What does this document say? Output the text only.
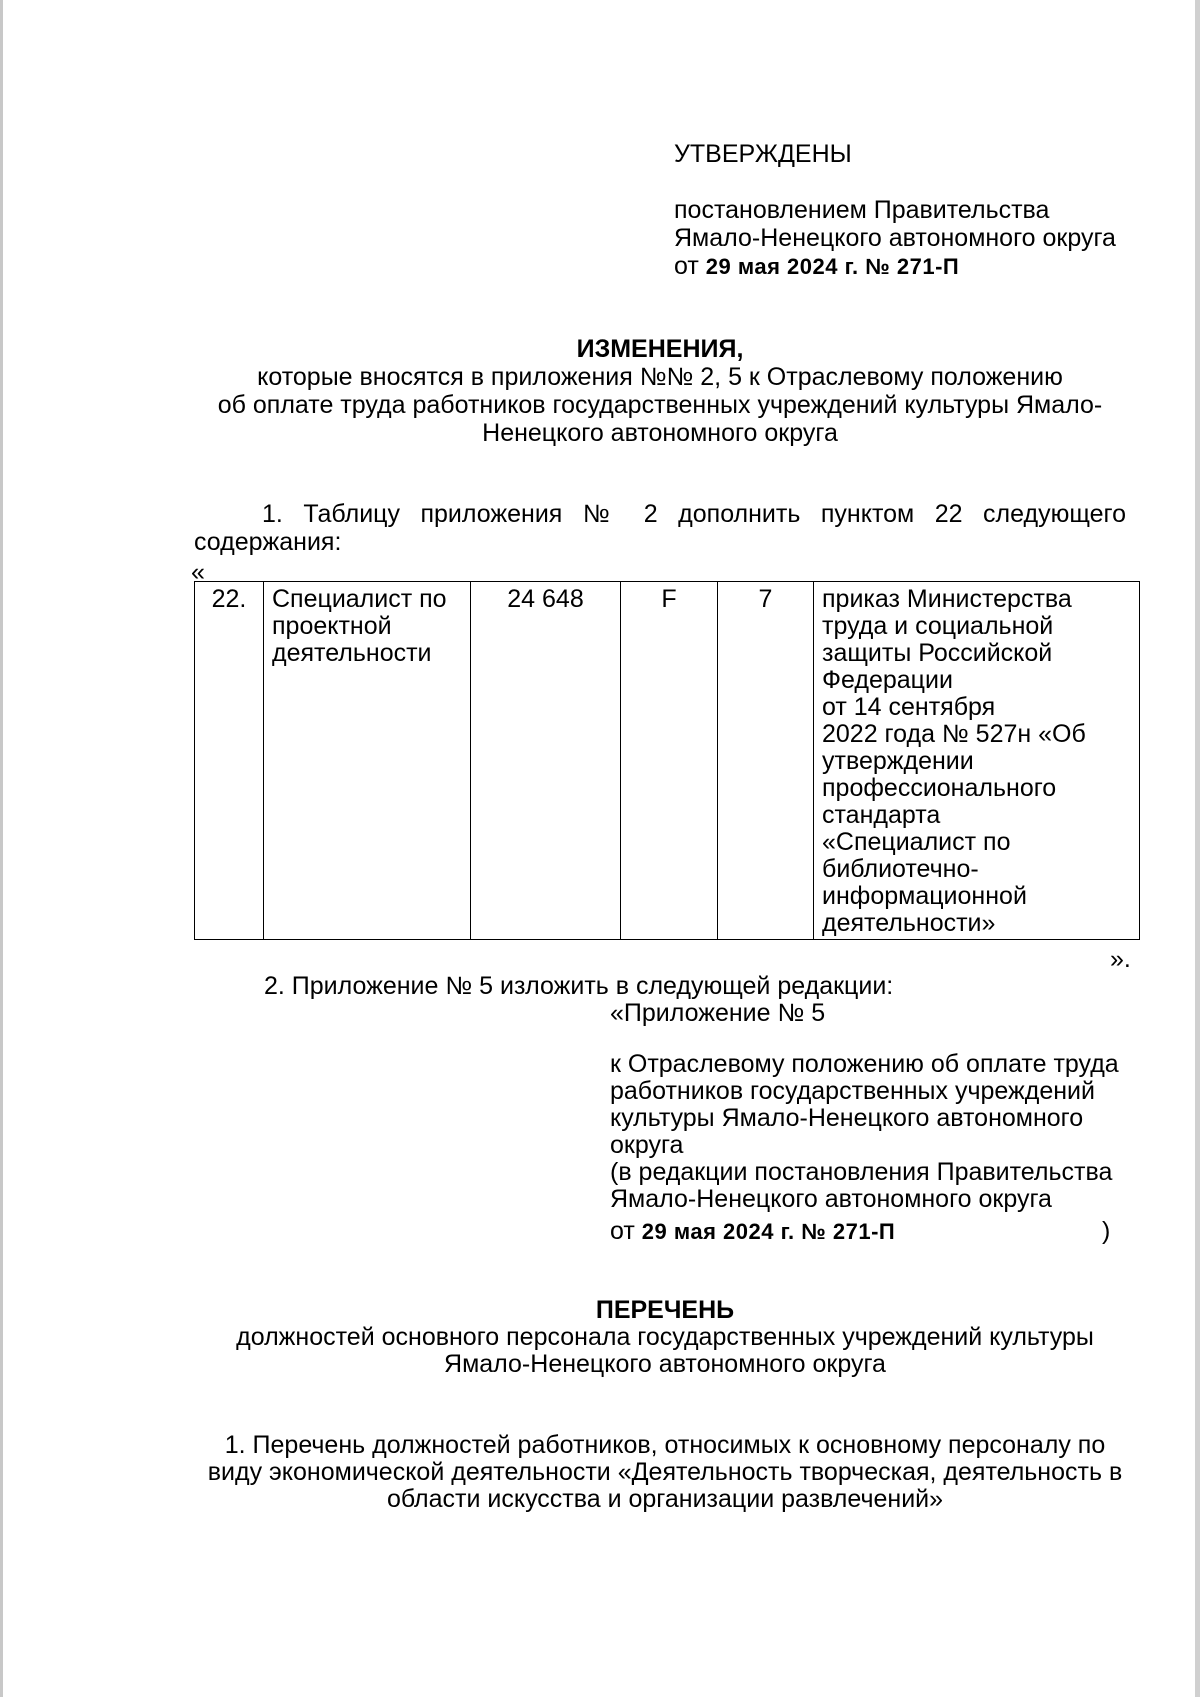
УТВЕРЖДЕНЫ
постановлением Правительства
Ямало-Ненецкого автономного округа
от 29 мая 2024 г. № 271-П
ИЗМЕНЕНИЯ,
которые вносятся в приложения №№ 2, 5 к Отраслевому положению
об оплате труда работников государственных учреждений культуры Ямало-
Ненецкого автономного округа
1. Таблицу приложения № 2 дополнить пунктом 22 следующего
содержания:
«
22.	Специалист по проектной деятельности	24 648	F	7	приказ Министерства
труда и социальной
защиты Российской
Федерации
от 14 сентября
2022 года № 527н «Об
утверждении
профессионального
стандарта
«Специалист по
библиотечно-
информационной
деятельности»
».
2. Приложение № 5 изложить в следующей редакции:
«Приложение № 5
к Отраслевому положению об оплате труда
работников государственных учреждений
культуры Ямало-Ненецкого автономного
округа
(в редакции постановления Правительства
Ямало-Ненецкого автономного округа
от 29 мая 2024 г. № 271-П	)
ПЕРЕЧЕНЬ
должностей основного персонала государственных учреждений культуры
Ямало-Ненецкого автономного округа
1. Перечень должностей работников, относимых к основному персоналу по
виду экономической деятельности «Деятельность творческая, деятельность в
области искусства и организации развлечений»
